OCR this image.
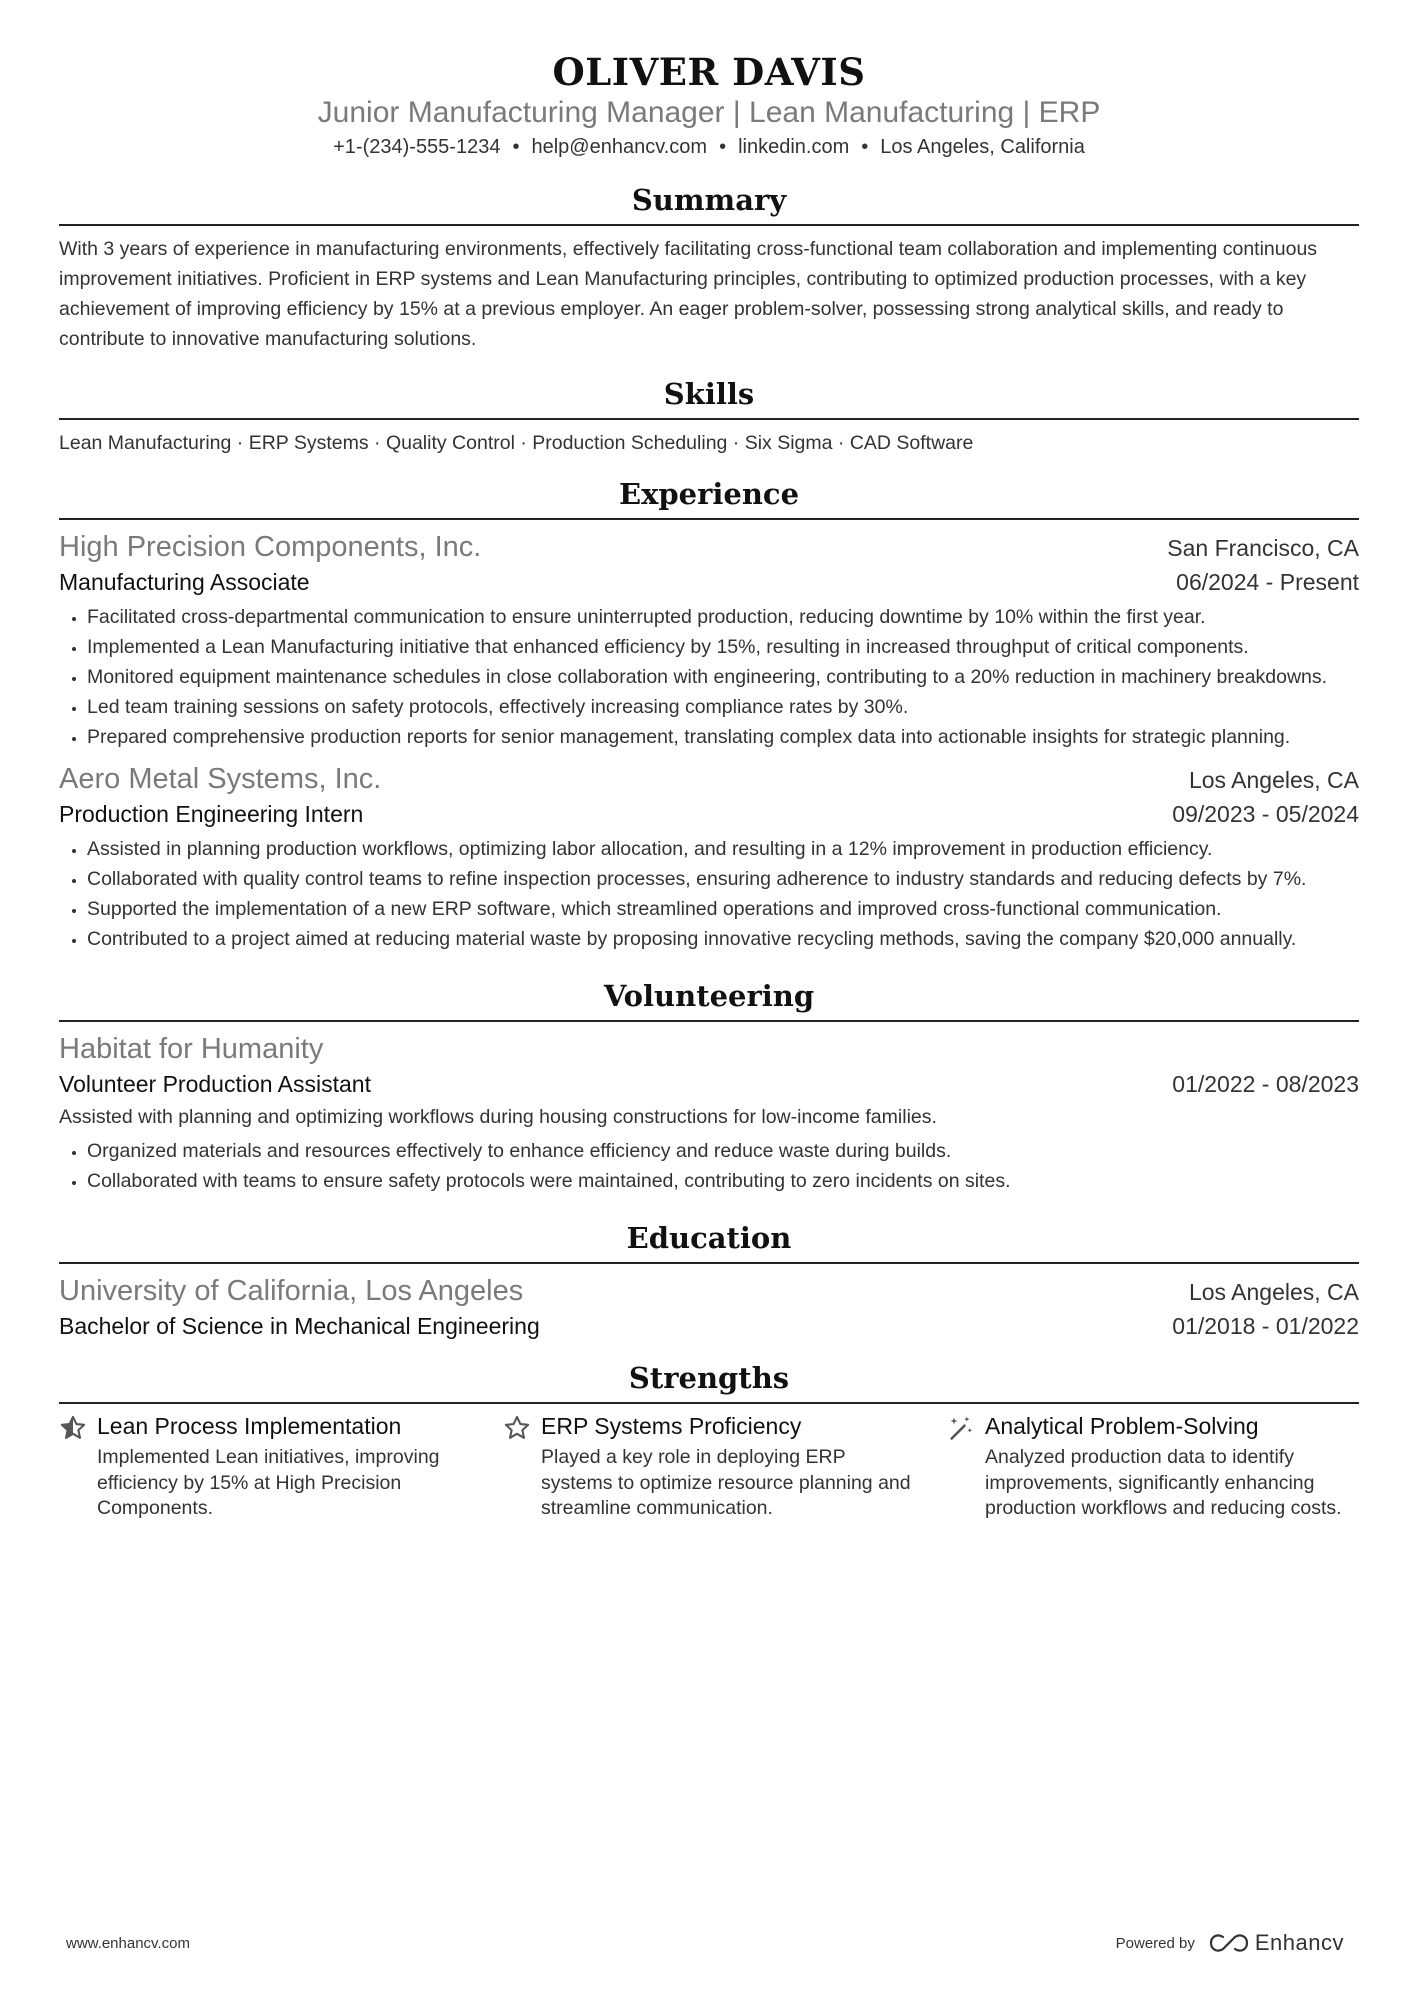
OLIVER DAVIS
Junior Manufacturing Manager | Lean Manufacturing | ERP
+1-(234)-555-1234 • help@enhancv.com • linkedin.com • Los Angeles, California
Summary
With 3 years of experience in manufacturing environments, effectively facilitating cross-functional team collaboration and implementing continuous improvement initiatives. Proficient in ERP systems and Lean Manufacturing principles, contributing to optimized production processes, with a key achievement of improving efficiency by 15% at a previous employer. An eager problem-solver, possessing strong analytical skills, and ready to contribute to innovative manufacturing solutions.
Skills
Lean Manufacturing · ERP Systems · Quality Control · Production Scheduling · Six Sigma · CAD Software
Experience
High Precision Components, Inc.	San Francisco, CA
Manufacturing Associate	06/2024 - Present
• Facilitated cross-departmental communication to ensure uninterrupted production, reducing downtime by 10% within the first year.
• Implemented a Lean Manufacturing initiative that enhanced efficiency by 15%, resulting in increased throughput of critical components.
• Monitored equipment maintenance schedules in close collaboration with engineering, contributing to a 20% reduction in machinery breakdowns.
• Led team training sessions on safety protocols, effectively increasing compliance rates by 30%.
• Prepared comprehensive production reports for senior management, translating complex data into actionable insights for strategic planning.
Aero Metal Systems, Inc.	Los Angeles, CA
Production Engineering Intern	09/2023 - 05/2024
• Assisted in planning production workflows, optimizing labor allocation, and resulting in a 12% improvement in production efficiency.
• Collaborated with quality control teams to refine inspection processes, ensuring adherence to industry standards and reducing defects by 7%.
• Supported the implementation of a new ERP software, which streamlined operations and improved cross-functional communication.
• Contributed to a project aimed at reducing material waste by proposing innovative recycling methods, saving the company $20,000 annually.
Volunteering
Habitat for Humanity
Volunteer Production Assistant	01/2022 - 08/2023
Assisted with planning and optimizing workflows during housing constructions for low-income families.
• Organized materials and resources effectively to enhance efficiency and reduce waste during builds.
• Collaborated with teams to ensure safety protocols were maintained, contributing to zero incidents on sites.
Education
University of California, Los Angeles	Los Angeles, CA
Bachelor of Science in Mechanical Engineering	01/2018 - 01/2022
Strengths
Lean Process Implementation
Implemented Lean initiatives, improving efficiency by 15% at High Precision Components.
ERP Systems Proficiency
Played a key role in deploying ERP systems to optimize resource planning and streamline communication.
Analytical Problem-Solving
Analyzed production data to identify improvements, significantly enhancing production workflows and reducing costs.
www.enhancv.com	Powered by	Enhancv
